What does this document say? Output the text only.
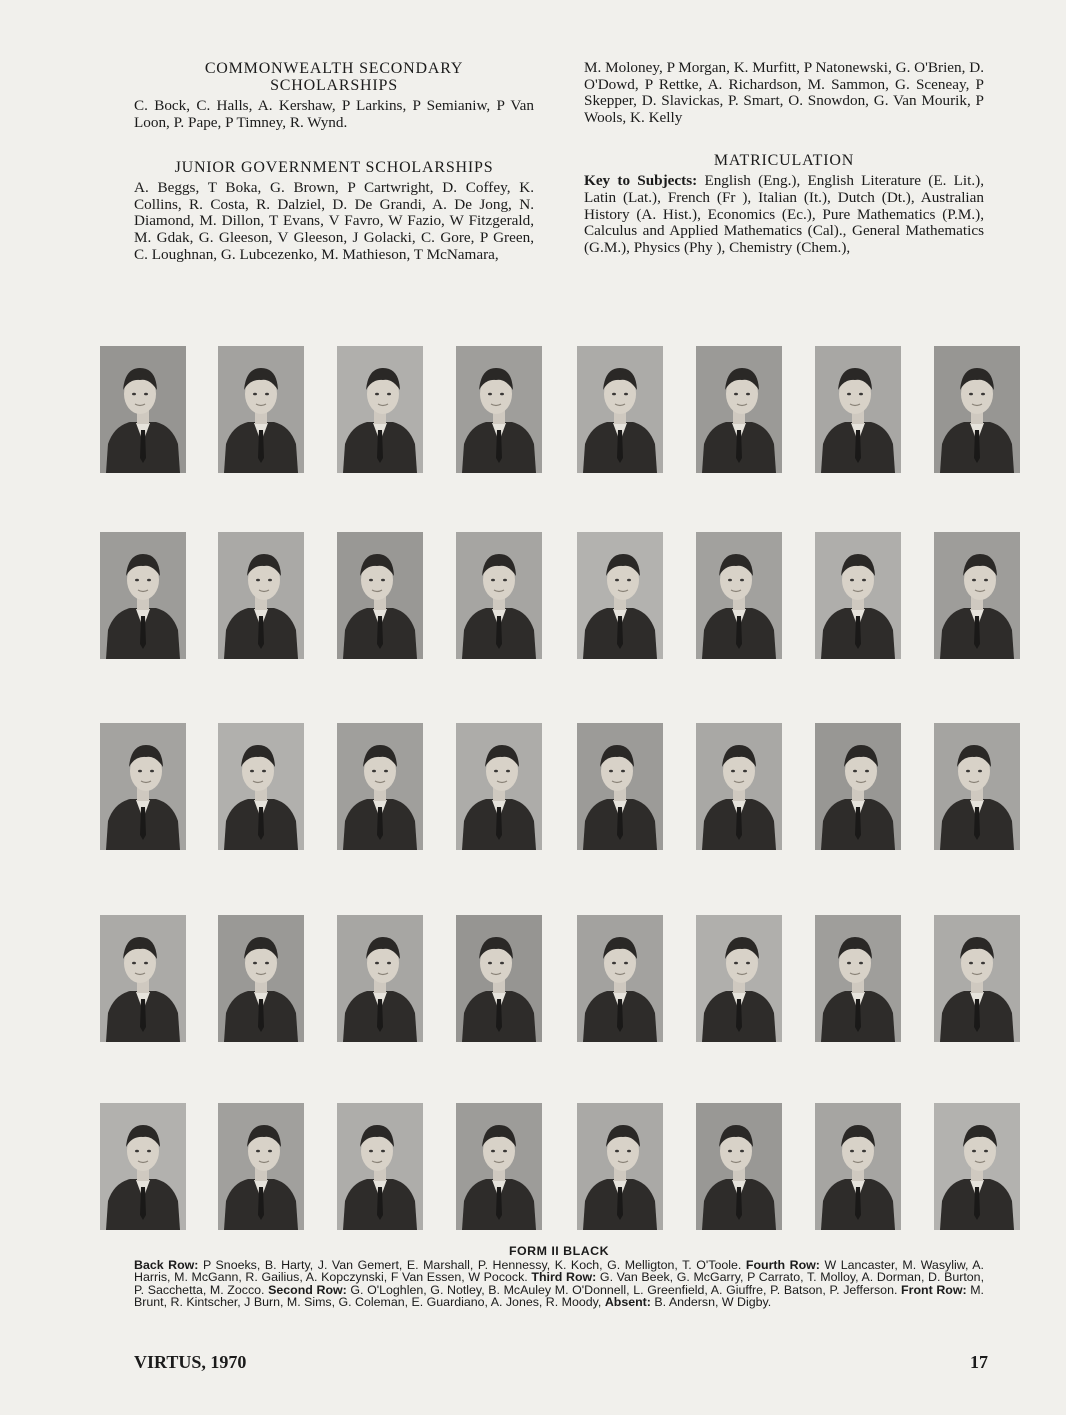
COMMONWEALTH SECONDARY
SCHOLARSHIPS

C. Bock, C. Halls, A. Kershaw, P Larkins, P Semianiw, P Van Loon, P. Pape, P Timney, R. Wynd.

JUNIOR GOVERNMENT SCHOLARSHIPS

A. Beggs, T Boka, G. Brown, P Cartwright, D. Coffey, K. Collins, R. Costa, R. Dalziel, D. De Grandi, A. De Jong, N. Diamond, M. Dillon, T Evans, V Favro, W Fazio, W Fitzgerald, M. Gdak, G. Gleeson, V Gleeson, J Golacki, C. Gore, P Green, C. Loughnan, G. Lubcezenko, M. Mathieson, T McNamara,

M. Moloney, P Morgan, K. Murfitt, P Natonewski, G. O'Brien, D. O'Dowd, P Rettke, A. Richardson, M. Sammon, G. Sceneay, P Skepper, D. Slavickas, P. Smart, O. Snowdon, G. Van Mourik, P Wools, K. Kelly

MATRICULATION

Key to Subjects: English (Eng.), English Literature (E. Lit.), Latin (Lat.), French (Fr ), Italian (It.), Dutch (Dt.), Australian History (A. Hist.), Economics (Ec.), Pure Mathematics (P.M.), Calculus and Applied Mathematics (Cal)., General Mathematics (G.M.), Physics (Phy ), Chemistry (Chem.),

FORM II BLACK

Back Row: P Snoeks, B. Harty, J. Van Gemert, E. Marshall, P. Hennessy, K. Koch, G. Melligton, T. O'Toole. Fourth Row: W Lancaster, M. Wasyliw, A. Harris, M. McGann, R. Gailius, A. Kopczynski, F Van Essen, W Pocock. Third Row: G. Van Beek, G. McGarry, P Carrato, T. Molloy, A. Dorman, D. Burton, P. Sacchetta, M. Zocco. Second Row: G. O'Loghlen, G. Notley, B. McAuley M. O'Donnell, L. Greenfield, A. Giuffre, P. Batson, P. Jefferson. Front Row: M. Brunt, R. Kintscher, J Burn, M. Sims, G. Coleman, E. Guardiano, A. Jones, R. Moody, Absent: B. Andersn, W Digby.

VIRTUS, 1970	17
